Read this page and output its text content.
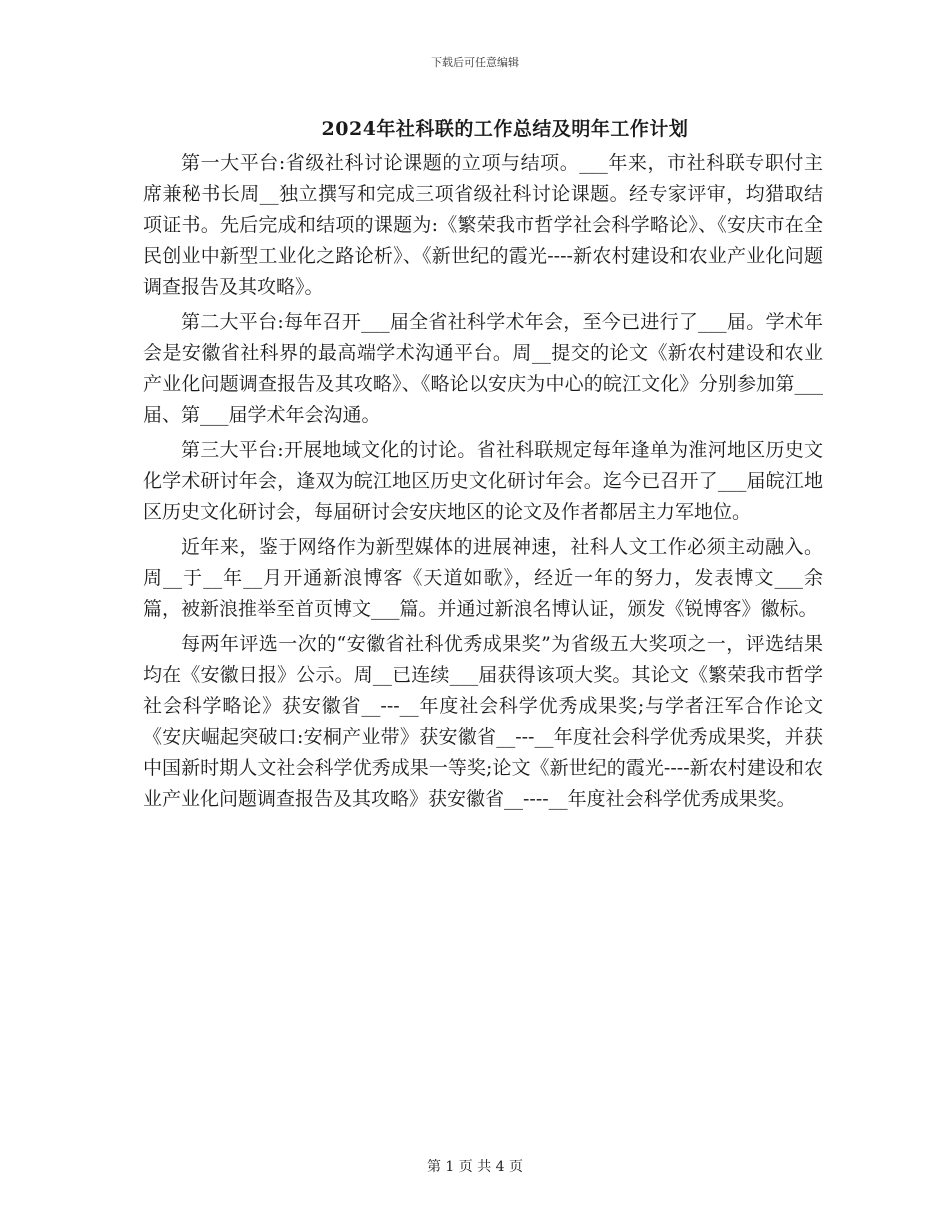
下载后可任意编辑
2024年社科联的工作总结及明年工作计划

第一大平台:省级社科讨论课题的立项与结项。___年来，市社科联专职付主席兼秘书长周__独立撰写和完成三项省级社科讨论课题。经专家评审，均猎取结项证书。先后完成和结项的课题为:《繁荣我市哲学社会科学略论》、《安庆市在全民创业中新型工业化之路论析》、《新世纪的霞光----新农村建设和农业产业化问题调查报告及其攻略》。

第二大平台:每年召开___届全省社科学术年会，至今已进行了___届。学术年会是安徽省社科界的最高端学术沟通平台。周__提交的论文《新农村建设和农业产业化问题调查报告及其攻略》、《略论以安庆为中心的皖江文化》分别参加第___届、第___届学术年会沟通。

第三大平台:开展地域文化的讨论。省社科联规定每年逢单为淮河地区历史文化学术研讨年会，逢双为皖江地区历史文化研讨年会。迄今已召开了___届皖江地区历史文化研讨会，每届研讨会安庆地区的论文及作者都居主力军地位。

近年来，鉴于网络作为新型媒体的进展神速，社科人文工作必须主动融入。周__于__年__月开通新浪博客《天道如歌》，经近一年的努力，发表博文___余篇，被新浪推举至首页博文___篇。并通过新浪名博认证，颁发《锐博客》徽标。

每两年评选一次的“安徽省社科优秀成果奖”为省级五大奖项之一，评选结果均在《安徽日报》公示。周__已连续___届获得该项大奖。其论文《繁荣我市哲学社会科学略论》获安徽省__---__年度社会科学优秀成果奖;与学者汪军合作论文《安庆崛起突破口:安桐产业带》获安徽省__---__年度社会科学优秀成果奖，并获中国新时期人文社会科学优秀成果一等奖;论文《新世纪的霞光----新农村建设和农业产业化问题调查报告及其攻略》获安徽省__----__年度社会科学优秀成果奖。

第 1 页 共 4 页
